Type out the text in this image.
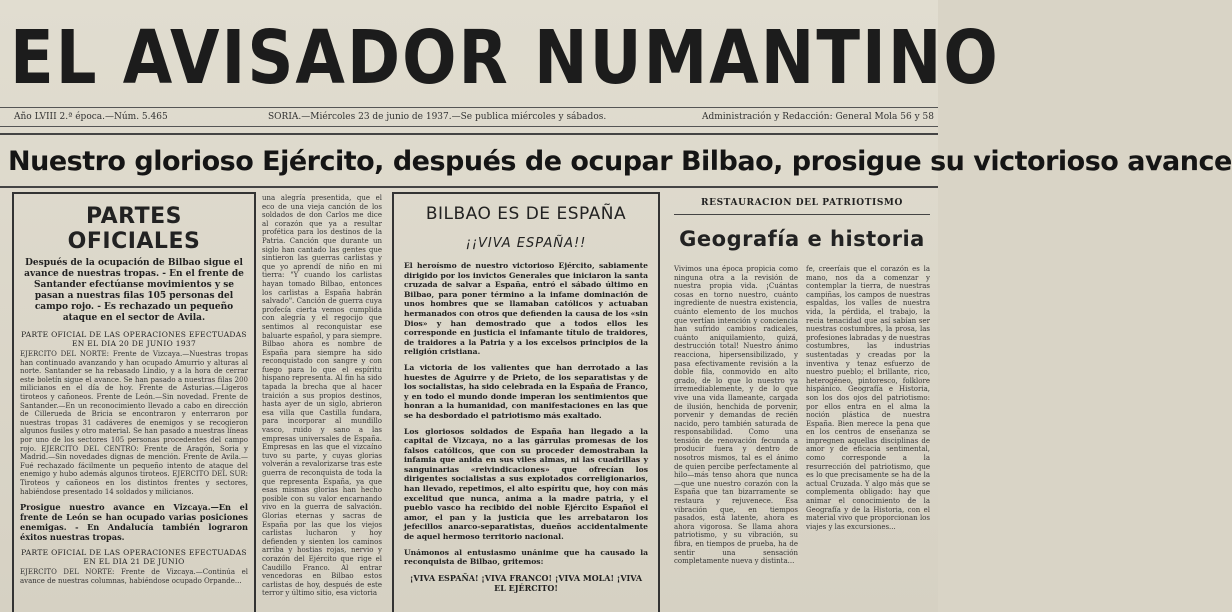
EL AVISADOR NUMANTINO
Año LVIII 2.ª época.—Núm. 5.465	SORIA.—Miércoles 23 de junio de 1937.—Se publica miércoles y sábados.	Administración y Redacción: General Mola 56 y 58
Nuestro glorioso Ejército, después de ocupar Bilbao, prosigue su victorioso avance
PARTES OFICIALES
Después de la ocupación de Bilbao sigue el avance de nuestras tropas. - En el frente de Santander efectúanse movimientos y se pasan a nuestras filas 105 personas del campo rojo. - Es rechazado un pequeño ataque en el sector de Avila.
PARTE OFICIAL DE LAS OPERACIONES EFECTUADAS EN EL DIA 20 DE JUNIO 1937
EJERCITO DEL NORTE: Frente de Vizcaya.—Nuestras tropas han continuado avanzando y han ocupado Amurrio y alturas al norte. Santander se ha rebasado Lindio, y a la hora de cerrar este boletín sigue el avance. Se han pasado a nuestras filas 200 milicianos en el día de hoy. Frente de Asturias.—Ligeros tiroteos y cañoneos. Frente de León.—Sin novedad. Frente de Santander.—En un reconocimiento llevado a cabo en dirección de Cillerueda de Bricia se encontraron y enterraron por nuestras tropas 31 cadáveres de enemigos y se recogieron algunos fusiles y otro material. Se han pasado a nuestras líneas por uno de los sectores 105 personas procedentes del campo rojo. EJERCITO DEL CENTRO: Frente de Aragón, Soria y Madrid.—Sin novedades dignas de mención. Frente de Avila.—Fué rechazado fácilmente un pequeño intento de ataque del enemigo y hubo además algunos tiroteos. EJERCITO DEL SUR: Tiroteos y cañoneos en los distintos frentes y sectores, habiéndose presentado 14 soldados y milicianos.
Prosigue nuestro avance en Vizcaya.—En el frente de León se han ocupado varias posiciones enemigas. - En Andalucía también lograron éxitos nuestras tropas.
PARTE OFICIAL DE LAS OPERACIONES EFECTUADAS EN EL DIA 21 DE JUNIO
EJERCITO DEL NORTE: Frente de Vizcaya.—Continúa el avance de nuestras columnas, habiéndose ocupado Orpande...
una alegría presentida, que el eco de una vieja canción de los soldados de don Carlos me dice al corazón que ya a resultar profética para los destinos de la Patria. Canción que durante un siglo han cantado las gentes que sintieron las guerras carlistas y que yo aprendí de niño en mi tierra: "Y cuando los carlistas hayan tomado Bilbao, entonces los carlistas a España habrán salvado". Canción de guerra cuya profecía cierta vemos cumplida con alegría y el regocijo que sentimos al reconquistar ese baluarte español, y para siempre. Bilbao ahora es nombre de España para siempre ha sido reconquistado con sangre y con fuego para lo que el espíritu hispano representa. Al fin ha sido tapada la brecha que al hacer traición a sus propios destinos, hasta ayer de un siglo, abrieron esa villa que Castilla fundara, para incorporar al mundillo vasco, ruido y sano a las empresas universales de España. Empresas en las que el vizcaíno tuvo su parte, y cuyas glorias volverán a revalorizarse tras este guerra de reconquista de toda la que representa España, ya que esas mismas glorias han hecho posible con su valor encarnando vivo en la guerra de salvación. Glorias eternas y sacras de España por las que los viejos carlistas lucharon y hoy defienden y sienten los caminos arriba y hostias rojas, nervio y corazón del Ejército que rige el Caudillo Franco. Al entrar vencedoras en Bilbao estos carlistas de hoy, después de este terror y último sitio, esa victoria
BILBAO ES DE ESPAÑA
¡¡VIVA ESPAÑA!!
El heroísmo de nuestro victorioso Ejército, sabiamente dirigido por los invictos Generales que iniciaron la santa cruzada de salvar a España, entró el sábado último en Bilbao, para poner término a la infame dominación de unos hombres que se llamaban católicos y actuaban hermanados con otros que defienden la causa de los «sin Dios» y han demostrado que a todos ellos les corresponde en justicia el infamante título de traidores, de traidores a la Patria y a los excelsos principios de la religión cristiana.
La victoria de los valientes que han derrotado a las huestes de Aguirre y de Prieto, de los separatistas y de los socialistas, ha sido celebrada en la España de Franco, y en todo el mundo donde imperan los sentimientos que honran a la humanidad, con manifestaciones en las que se ha desbordado el patriotismo más exaltado.
Los gloriosos soldados de España han llegado a la capital de Vizcaya, no a las gárrulas promesas de los falsos católicos, que con su proceder demostraban la infamia que anida en sus viles almas, ni las cuadrillas y sanguinarias «reivindicaciones» que ofrecían los dirigentes socialistas a sus explotados correligionarios, han llevado, repetimos, el alto espíritu que, hoy con más excelitud que nunca, anima a la madre patria, y el pueblo vasco ha recibido del noble Ejército Español el amor, el pan y la justicia que les arrebataron los jefecillos anarco-separatistas, dueños accidentalmente de aquel hermoso territorio nacional.
Unámonos al entusiasmo unánime que ha causado la reconquista de Bilbao, gritemos:
¡VIVA ESPAÑA! ¡VIVA FRANCO! ¡VIVA MOLA! ¡VIVA EL EJÉRCITO!
RESTAURACION DEL PATRIOTISMO
Geografía e historia
Vivimos una época propicia como ninguna otra a la revisión de nuestra propia vida. ¡Cuántas cosas en torno nuestro, cuánto ingrediente de nuestra existencia, cuánto elemento de los muchos que vertían intención y conciencia han sufrido cambios radicales, cuánto aniquilamiento, quizá, destrucción total! Nuestro ánimo reacciona, hipersensibilizado, y pasa efectivamente revisión a la doble fila, conmovido en alto grado, de lo que lo nuestro ya irremediablemente, y de lo que vive una vida llameante, cargada de ilusión, henchida de porvenir, porvenir y demandas de recién nacido, pero también saturada de responsabilidad. Como una tensión de renovación fecunda a producir fuera y dentro de nosotros mismos, tal es el ánimo de quien percibe perfectamente al hilo—más tenso ahora que nunca—que une nuestro corazón con la España que tan bizarramente se restaura y rejuvenece. Esa vibración que, en tiempos pasados, está latente, ahora es ahora vigorosa. Se llama ahora patriotismo, y su vibración, su fibra, en tiempos de prueba, ha de sentir una sensación completamente nueva y distinta...
fe, creeríais que el corazón es la mano, nos da a comenzar y contemplar la tierra, de nuestras campiñas, los campos de nuestras espaldas, los valles de nuestra vida, la pérdida, el trabajo, la recia tenacidad que así sabían ser nuestras costumbres, la prosa, las profesiones labradas y de nuestras costumbres, las industrias sustentadas y creadas por la inventiva y tenaz esfuerzo de nuestro pueblo; el brillante, rico, heterogéneo, pintoresco, folklore hispánico. Geografía e Historia, son los dos ojos del patriotismo: por ellos entra en el alma la noción plástica de nuestra España. Bien merece la pena que en los centros de enseñanza se impregnen aquellas disciplinas de amor y de eficacia sentimental, como corresponde a la resurrección del patriotismo, que es lo que precisamente se ha de la actual Cruzada. Y algo más que se complementa obligado: hay que animar el conocimiento de la Geografía y de la Historia, con el material vivo que proporcionan los viajes y las excursiones...
